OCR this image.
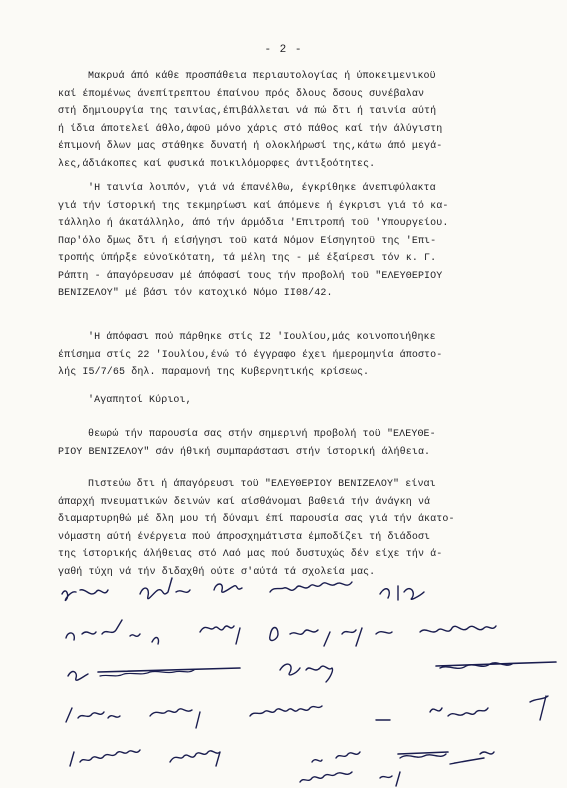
- 2 -
Μακρυά άπό κάθε προσπάθεια περιαυτολογίας ή ύποκειμενικοϋ
καί έπομένως άνεπίτρεπτου έπαίνου πρός δλους δσους συνέβαλαν
στή δημιουργία της ταινίας,έπιβάλλεται νά πώ δτι ή ταινία αύτή
ή ίδια άποτελεί άθλο,άφοϋ μόνο χάρις στό πάθος καί τήν άλύγιστη
έπιμονή δλων μας στάθηκε δυνατή ή ολοκλήρωσί της,κάτω άπό μεγά-
λες,άδιάκοπες καί φυσικά ποικιλόμορφες άντιξοότητες.
'Η ταινία λοιπόν, γιά νά έπανέλθω, έγκρίθηκε άνεπιφύλακτα
γιά τήν ίστορική της τεκμηρίωσι καί άπόμενε ή έγκρισι γιά τό κα-
τάλληλο ή άκατάλληλο, άπό τήν άρμόδια 'Επιτροπή τοϋ 'Υπουργείου.
Παρ'όλο δμως δτι ή είσήγησι τοϋ κατά Νόμον Είσηγητοϋ της 'Επι-
τροπής ύπήρξε εύνοϊκότατη, τά μέλη της - μέ έξαίρεσι τόν κ. Γ.
Ράπτη - άπαγόρευσαν μέ άπόφασί τους τήν προβολή τοϋ "ΕΛΕΥΘΕΡΙΟΥ
ΒΕΝΙΖΕΛΟΥ" μέ βάσι τόν κατοχικό Νόμο ΙΙ08/42.
'Η άπόφασι πού πάρθηκε στίς Ι2 'Ιουλίου,μάς κοινοποιήθηκε
έπίσημα στίς 22 'Ιουλίου,ένώ τό έγγραφο έχει ήμερομηνία άποστο-
λής Ι5/7/65 δηλ. παραμονή της Κυβερνητικής κρίσεως.
'Αγαπητοί Κύριοι,
θεωρώ τήν παρουσία σας στήν σημερινή προβολή τοϋ "ΕΛΕΥΘΕ-
ΡΙΟΥ ΒΕΝΙΖΕΛΟΥ" σάν ήθική συμπαράστασι στήν ίστορική άλήθεια.
Πιστεύω δτι ή άπαγόρευσι τοϋ "ΕΛΕΥΘΕΡΙΟΥ ΒΕΝΙΖΕΛΟΥ" είναι
άπαρχή πνευματικών δεινών καί αίσθάνομαι βαθειά τήν άνάγκη νά
διαμαρτυρηθώ μέ δλη μου τή δύναμι έπί παρουσία σας γιά τήν άκατο-
νόμαστη αύτή ένέργεια πού άπροσχημάτιστα έμποδίζει τή διάδοσι
της ίστορικής άλήθειας στό Λαό μας πού δυστυχώς δέν είχε τήν ά-
γαθή τύχη νά τήν διδαχθή ούτε σ'αύτά τά σχολεία μας.
